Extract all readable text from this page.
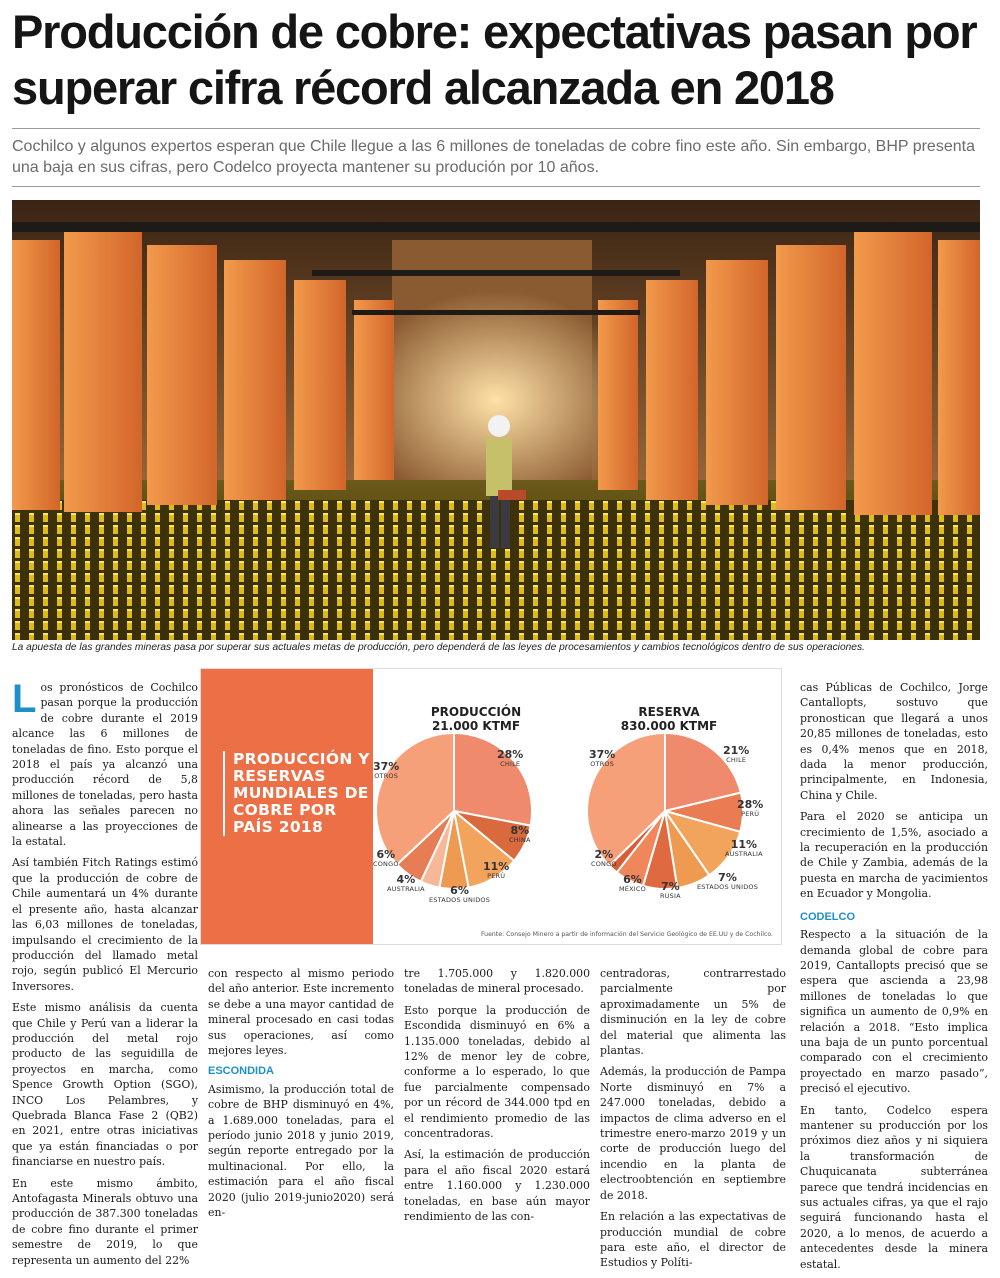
Producción de cobre: expectativas pasan por superar cifra récord alcanzada en 2018

Cochilco y algunos expertos esperan que Chile llegue a las 6 millones de toneladas de cobre fino este año. Sin embargo, BHP presenta una baja en sus cifras, pero Codelco proyecta mantener su produción por 10 años.

La apuesta de las grandes mineras pasa por superar sus actuales metas de producción, pero dependerá de las leyes de procesamientos y cambios tecnológicos dentro de sus operaciones.

Los pronósticos de Cochilco pasan porque la producción de cobre durante el 2019 alcance las 6 millones de toneladas de fino. Esto porque el 2018 el país ya alcanzó una producción récord de 5,8 millones de toneladas, pero hasta ahora las señales parecen no alinearse a las proyecciones de la estatal.

Así también Fitch Ratings estimó que la producción de cobre de Chile aumentará un 4% durante el presente año, hasta alcanzar las 6,03 millones de toneladas, impulsando el crecimiento de la producción del llamado metal rojo, según publicó El Mercurio Inversores.

Este mismo análisis da cuenta que Chile y Perú van a liderar la producción del metal rojo producto de las seguidilla de proyectos en marcha, como Spence Growth Option (SGO), INCO Los Pelambres, y Quebrada Blanca Fase 2 (QB2) en 2021, entre otras iniciativas que ya están financiadas o por financiarse en nuestro país.

En este mismo ámbito, Antofagasta Minerals obtuvo una producción de 387.300 toneladas de cobre fino durante el primer semestre de 2019, lo que representa un aumento del 22%

PRODUCCIÓN Y RESERVAS MUNDIALES DE COBRE POR PAÍS 2018
PRODUCCIÓN
21.000 KTMF
RESERVA
830.000 KTMF
28%
CHILE
8%
CHINA
11%
PERÚ
6%
ESTADOS UNIDOS
4%
AUSTRALIA
6%
CONGO
37%
OTROS
21%
CHILE
28%
PERÚ
11%
AUSTRALIA
7%
ESTADOS UNIDOS
7%
RUSIA
6%
MÉXICO
2%
CONGO
37%
OTROS
Fuente: Consejo Minero a partir de información del Servicio Geológico de EE.UU y de Cochilco.

con respecto al mismo periodo del año anterior. Este incremento se debe a una mayor cantidad de mineral procesado en casi todas sus operaciones, así como mejores leyes.

ESCONDIDA

Asimismo, la producción total de cobre de BHP disminuyó en 4%, a 1.689.000 toneladas, para el período junio 2018 y junio 2019, según reporte entregado por la multinacional. Por ello, la estimación para el año fiscal 2020 (julio 2019-junio2020) será en-

tre 1.705.000 y 1.820.000 toneladas de mineral procesado.

Esto porque la producción de Escondida disminuyó en 6% a 1.135.000 toneladas, debido al 12% de menor ley de cobre, conforme a lo esperado, lo que fue parcialmente compensado por un récord de 344.000 tpd en el rendimiento promedio de las concentradoras.

Así, la estimación de producción para el año fiscal 2020 estará entre 1.160.000 y 1.230.000 toneladas, en base aún mayor rendimiento de las con-

centradoras, contrarrestado parcialmente por aproximadamente un 5% de disminución en la ley de cobre del material que alimenta las plantas.

Además, la producción de Pampa Norte disminuyó en 7% a 247.000 toneladas, debido a impactos de clima adverso en el trimestre enero-marzo 2019 y un corte de producción luego del incendio en la planta de electroobtención en septiembre de 2018.

En relación a las expectativas de producción mundial de cobre para este año, el director de Estudios y Políti-

cas Públicas de Cochilco, Jorge Cantallopts, sostuvo que pronostican que llegará a unos 20,85 millones de toneladas, esto es 0,4% menos que en 2018, dada la menor producción, principalmente, en Indonesia, China y Chile.

Para el 2020 se anticipa un crecimiento de 1,5%, asociado a la recuperación en la producción de Chile y Zambia, además de la puesta en marcha de yacimientos en Ecuador y Mongolia.

CODELCO

Respecto a la situación de la demanda global de cobre para 2019, Cantallopts precisó que se espera que ascienda a 23,98 millones de toneladas lo que significa un aumento de 0,9% en relación a 2018. “Esto implica una baja de un punto porcentual comparado con el crecimiento proyectado en marzo pasado”, precisó el ejecutivo.

En tanto, Codelco espera mantener su producción por los próximos diez años y ni siquiera la transformación de Chuquicanata subterránea parece que tendrá incidencias en sus actuales cifras, ya que el rajo seguirá funcionando hasta el 2020, a lo menos, de acuerdo a antecedentes desde la minera estatal.
